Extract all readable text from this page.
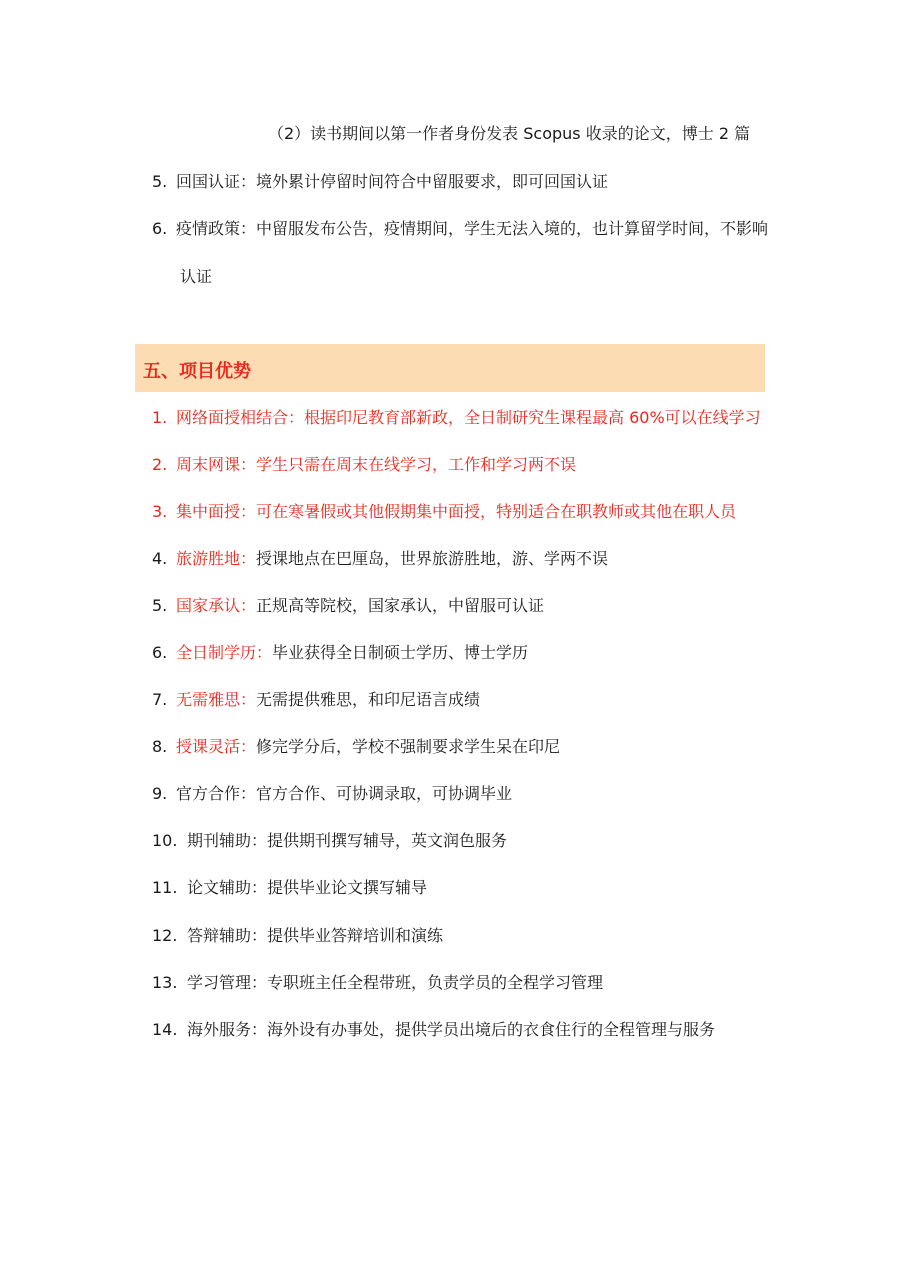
（2）读书期间以第一作者身份发表 Scopus 收录的论文，博士 2 篇
5. 回国认证：境外累计停留时间符合中留服要求，即可回国认证
6. 疫情政策：中留服发布公告，疫情期间，学生无法入境的，也计算留学时间，不影响
认证
五、项目优势
1. 网络面授相结合：根据印尼教育部新政，全日制研究生课程最高 60%可以在线学习
2. 周末网课：学生只需在周末在线学习，工作和学习两不误
3. 集中面授：可在寒暑假或其他假期集中面授，特别适合在职教师或其他在职人员
4. 旅游胜地：授课地点在巴厘岛，世界旅游胜地，游、学两不误
5. 国家承认：正规高等院校，国家承认，中留服可认证
6. 全日制学历：毕业获得全日制硕士学历、博士学历
7. 无需雅思：无需提供雅思，和印尼语言成绩
8. 授课灵活：修完学分后，学校不强制要求学生呆在印尼
9. 官方合作：官方合作、可协调录取，可协调毕业
10. 期刊辅助：提供期刊撰写辅导，英文润色服务
11. 论文辅助：提供毕业论文撰写辅导
12. 答辩辅助：提供毕业答辩培训和演练
13. 学习管理：专职班主任全程带班，负责学员的全程学习管理
14. 海外服务：海外设有办事处，提供学员出境后的衣食住行的全程管理与服务
